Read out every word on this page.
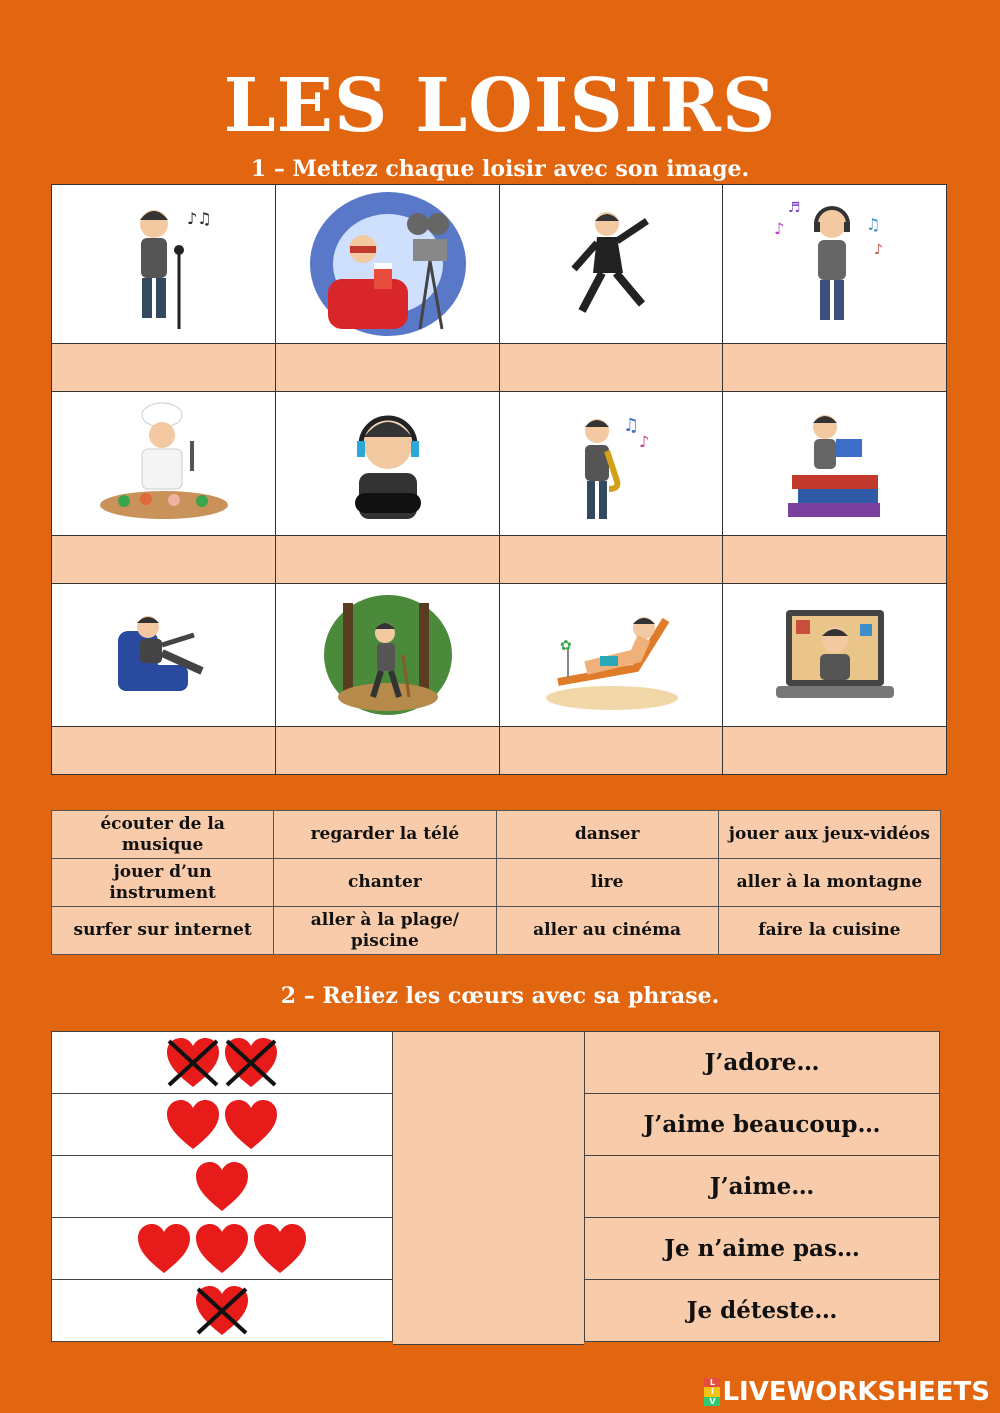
LES LOISIRS
1 – Mettez chaque loisir avec son image.
♪♫			♪ ♫
♬
♪

♫
♪

✿

écouter de la musique	regarder la télé	danser	jouer aux jeux-vidéos
jouer d’un instrument	chanter	lire	aller à la montagne
surfer sur internet	aller à la plage/ piscine	aller au cinéma	faire la cuisine
2 – Reliez les cœurs avec sa phrase.

J’adore…
J’aime beaucoup…
J’aime…
Je n’aime pas…
Je déteste…
L
I
V LIVEWORKSHEETS
